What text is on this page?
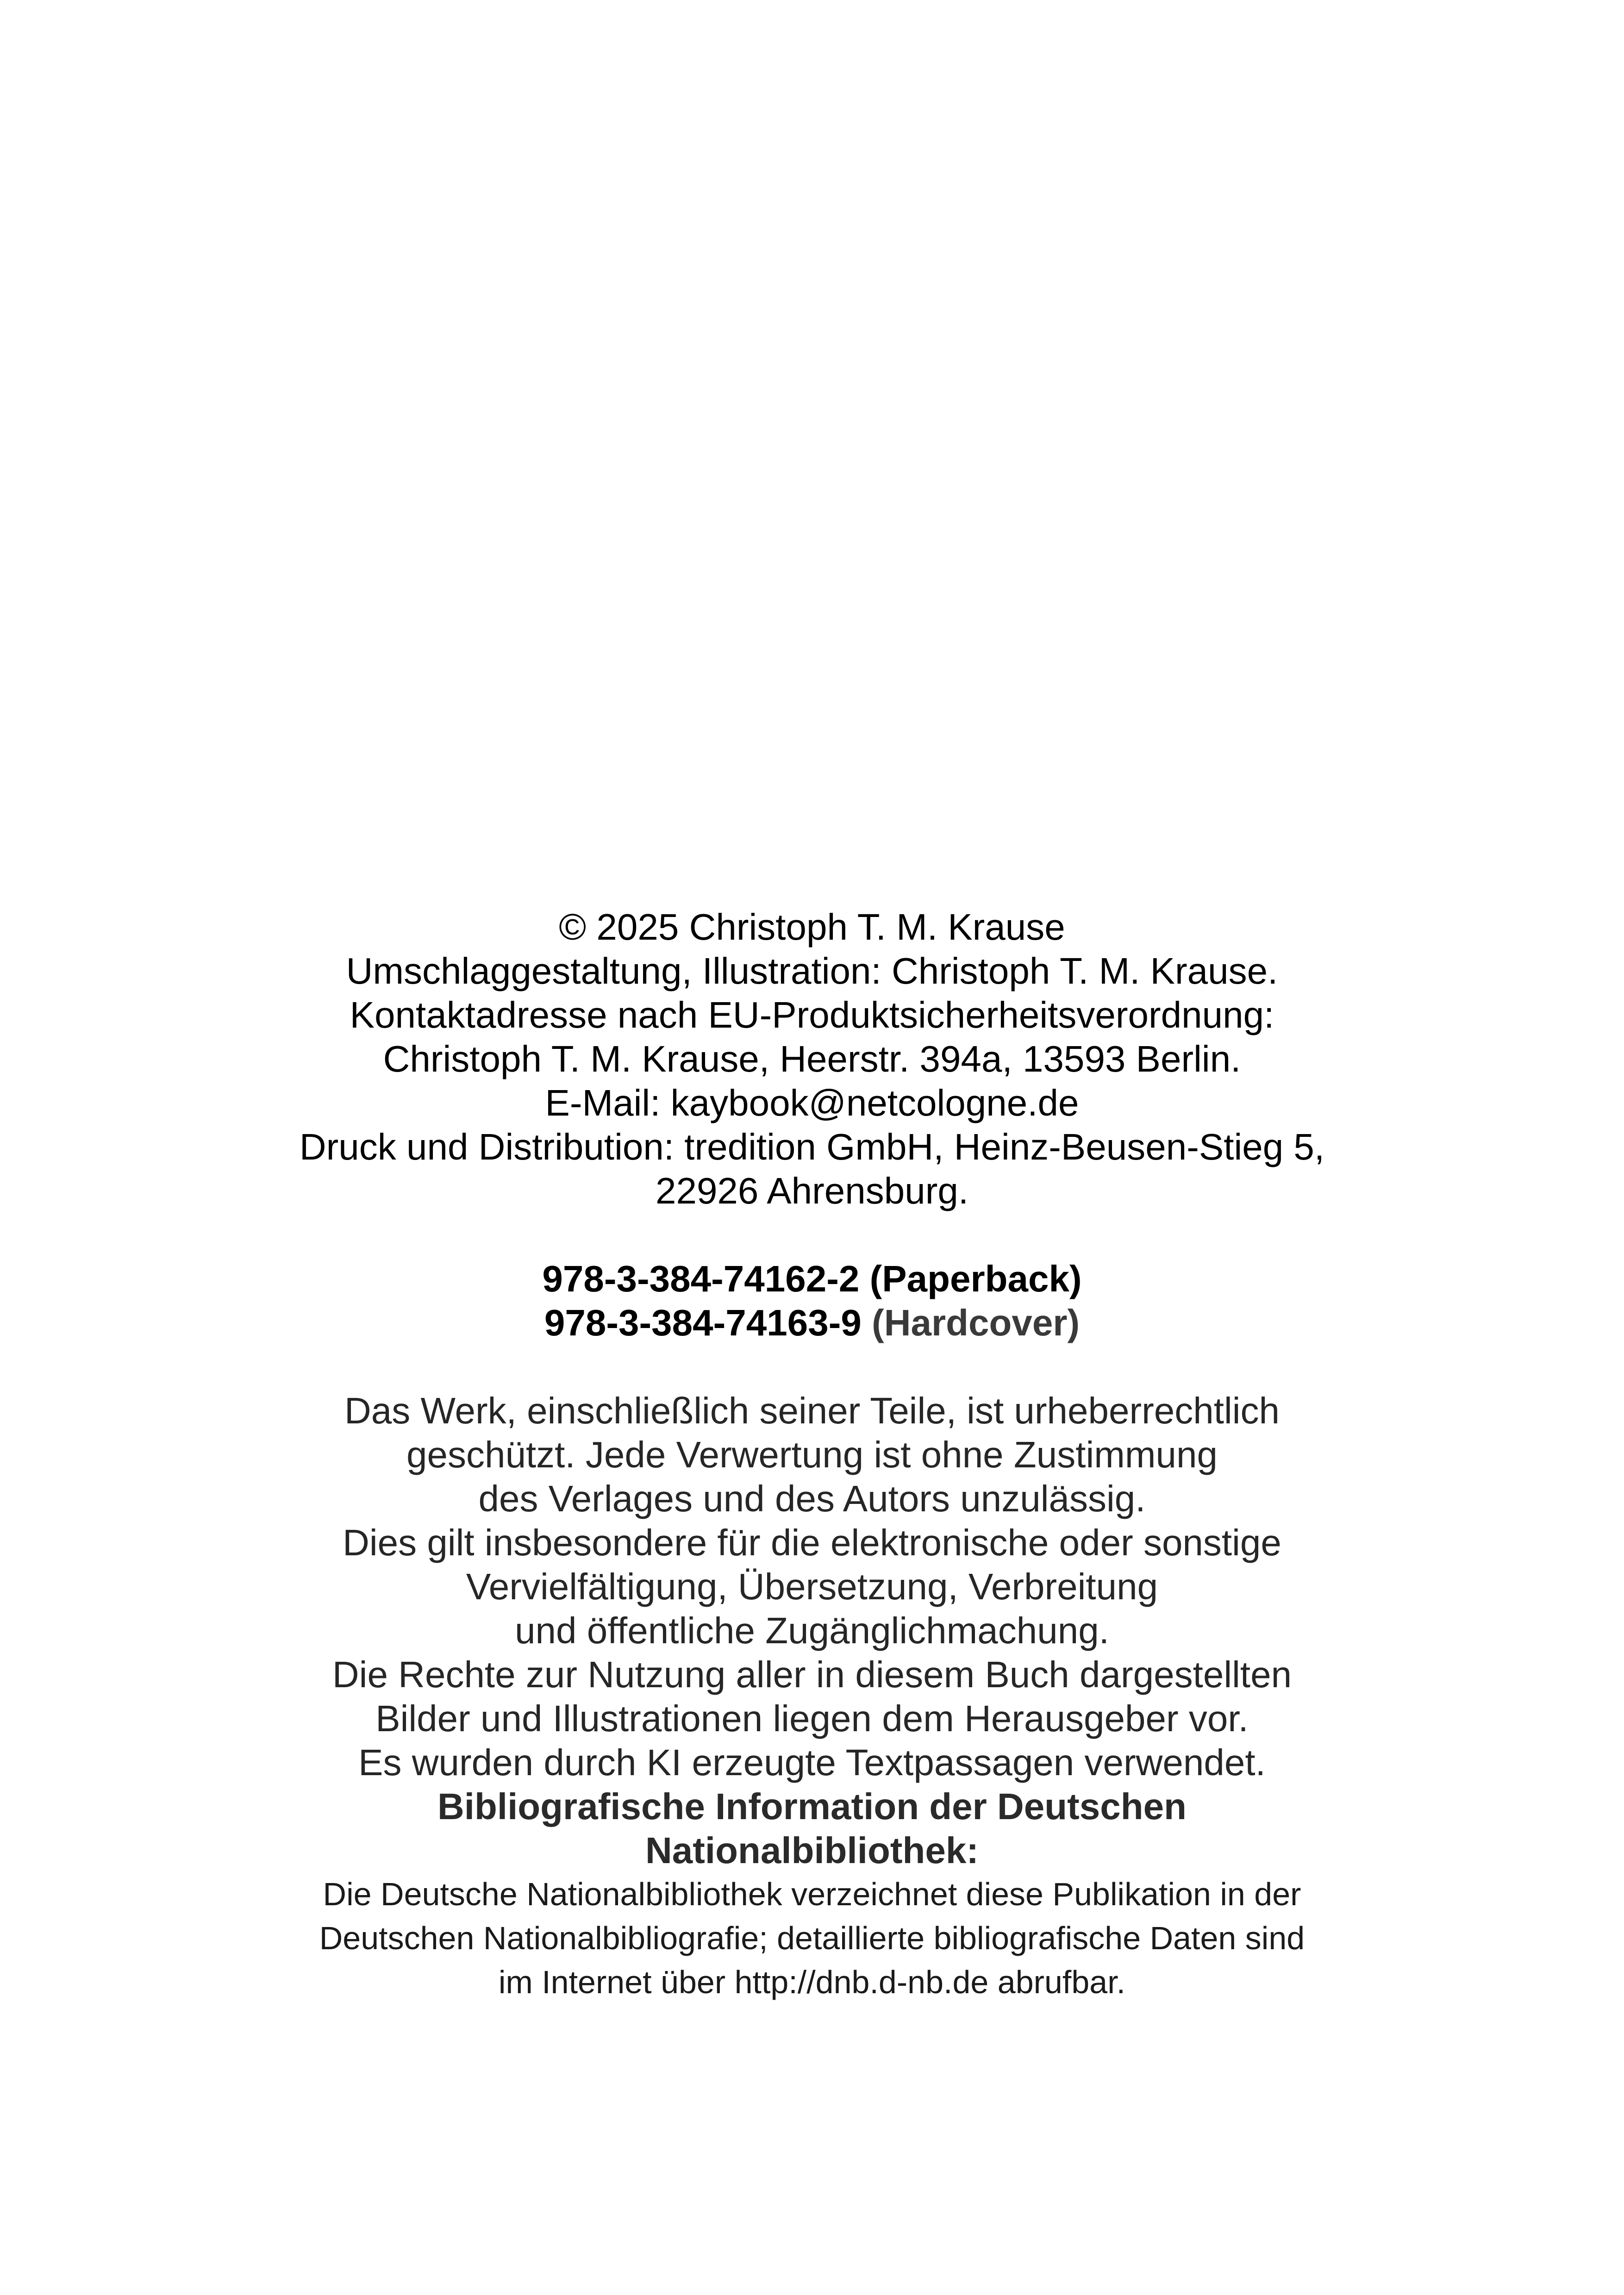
© 2025 Christoph T. M. Krause
Umschlaggestaltung, Illustration: Christoph T. M. Krause.
Kontaktadresse nach EU-Produktsicherheitsverordnung:
Christoph T. M. Krause, Heerstr. 394a, 13593 Berlin.
E-Mail: kaybook@netcologne.de
Druck und Distribution: tredition GmbH, Heinz-Beusen-Stieg 5,
22926 Ahrensburg.
978-3-384-74162-2 (Paperback)
978-3-384-74163-9 (Hardcover)
Das Werk, einschließlich seiner Teile, ist urheberrechtlich
geschützt. Jede Verwertung ist ohne Zustimmung
des Verlages und des Autors unzulässig.
Dies gilt insbesondere für die elektronische oder sonstige
Vervielfältigung, Übersetzung, Verbreitung
und öffentliche Zugänglichmachung.
Die Rechte zur Nutzung aller in diesem Buch dargestellten
Bilder und Illustrationen liegen dem Herausgeber vor.
Es wurden durch KI erzeugte Textpassagen verwendet.
Bibliografische Information der Deutschen
Nationalbibliothek:
Die Deutsche Nationalbibliothek verzeichnet diese Publikation in der
Deutschen Nationalbibliografie; detaillierte bibliografische Daten sind
im Internet über http://dnb.d-nb.de abrufbar.
